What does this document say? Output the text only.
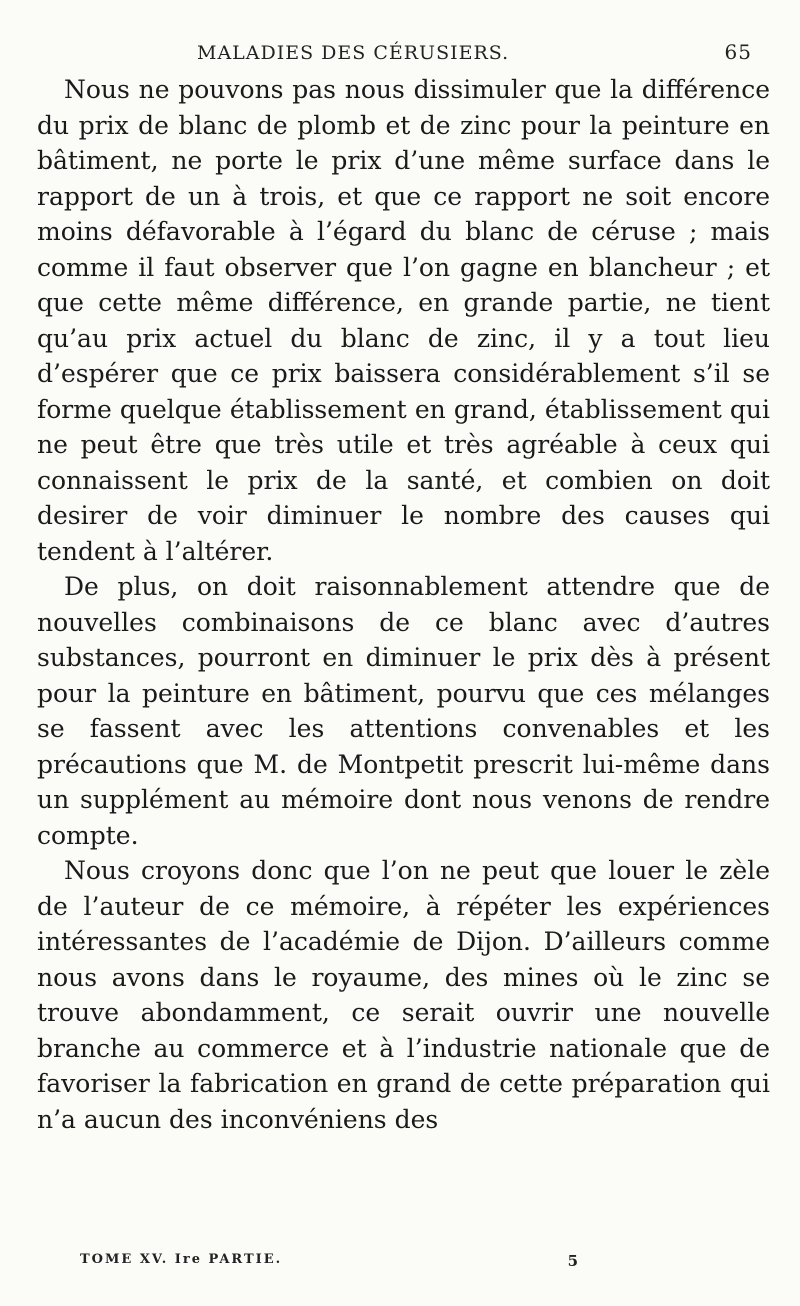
MALADIES DES CÉRUSIERS.	65

Nous ne pouvons pas nous dissimuler que la différence du prix de blanc de plomb et de zinc pour la peinture en bâtiment, ne porte le prix d’une même surface dans le rapport de un à trois, et que ce rapport ne soit encore moins défavorable à l’égard du blanc de céruse ; mais comme il faut observer que l’on gagne en blancheur ; et que cette même différence, en grande partie, ne tient qu’au prix actuel du blanc de zinc, il y a tout lieu d’espérer que ce prix baissera considérablement s’il se forme quelque établissement en grand, établissement qui ne peut être que très utile et très agréable à ceux qui connaissent le prix de la santé, et combien on doit desirer de voir diminuer le nombre des causes qui tendent à l’altérer.

De plus, on doit raisonnablement attendre que de nouvelles combinaisons de ce blanc avec d’autres substances, pourront en diminuer le prix dès à présent pour la peinture en bâtiment, pourvu que ces mélanges se fassent avec les attentions convenables et les précautions que M. de Montpetit prescrit lui-même dans un supplément au mémoire dont nous venons de rendre compte.

Nous croyons donc que l’on ne peut que louer le zèle de l’auteur de ce mémoire, à répéter les expériences intéressantes de l’académie de Dijon. D’ailleurs comme nous avons dans le royaume, des mines où le zinc se trouve abondamment, ce serait ouvrir une nouvelle branche au commerce et à l’industrie nationale que de favoriser la fabrication en grand de cette préparation qui n’a aucun des inconvéniens des

TOME XV. Ire PARTIE.	5
